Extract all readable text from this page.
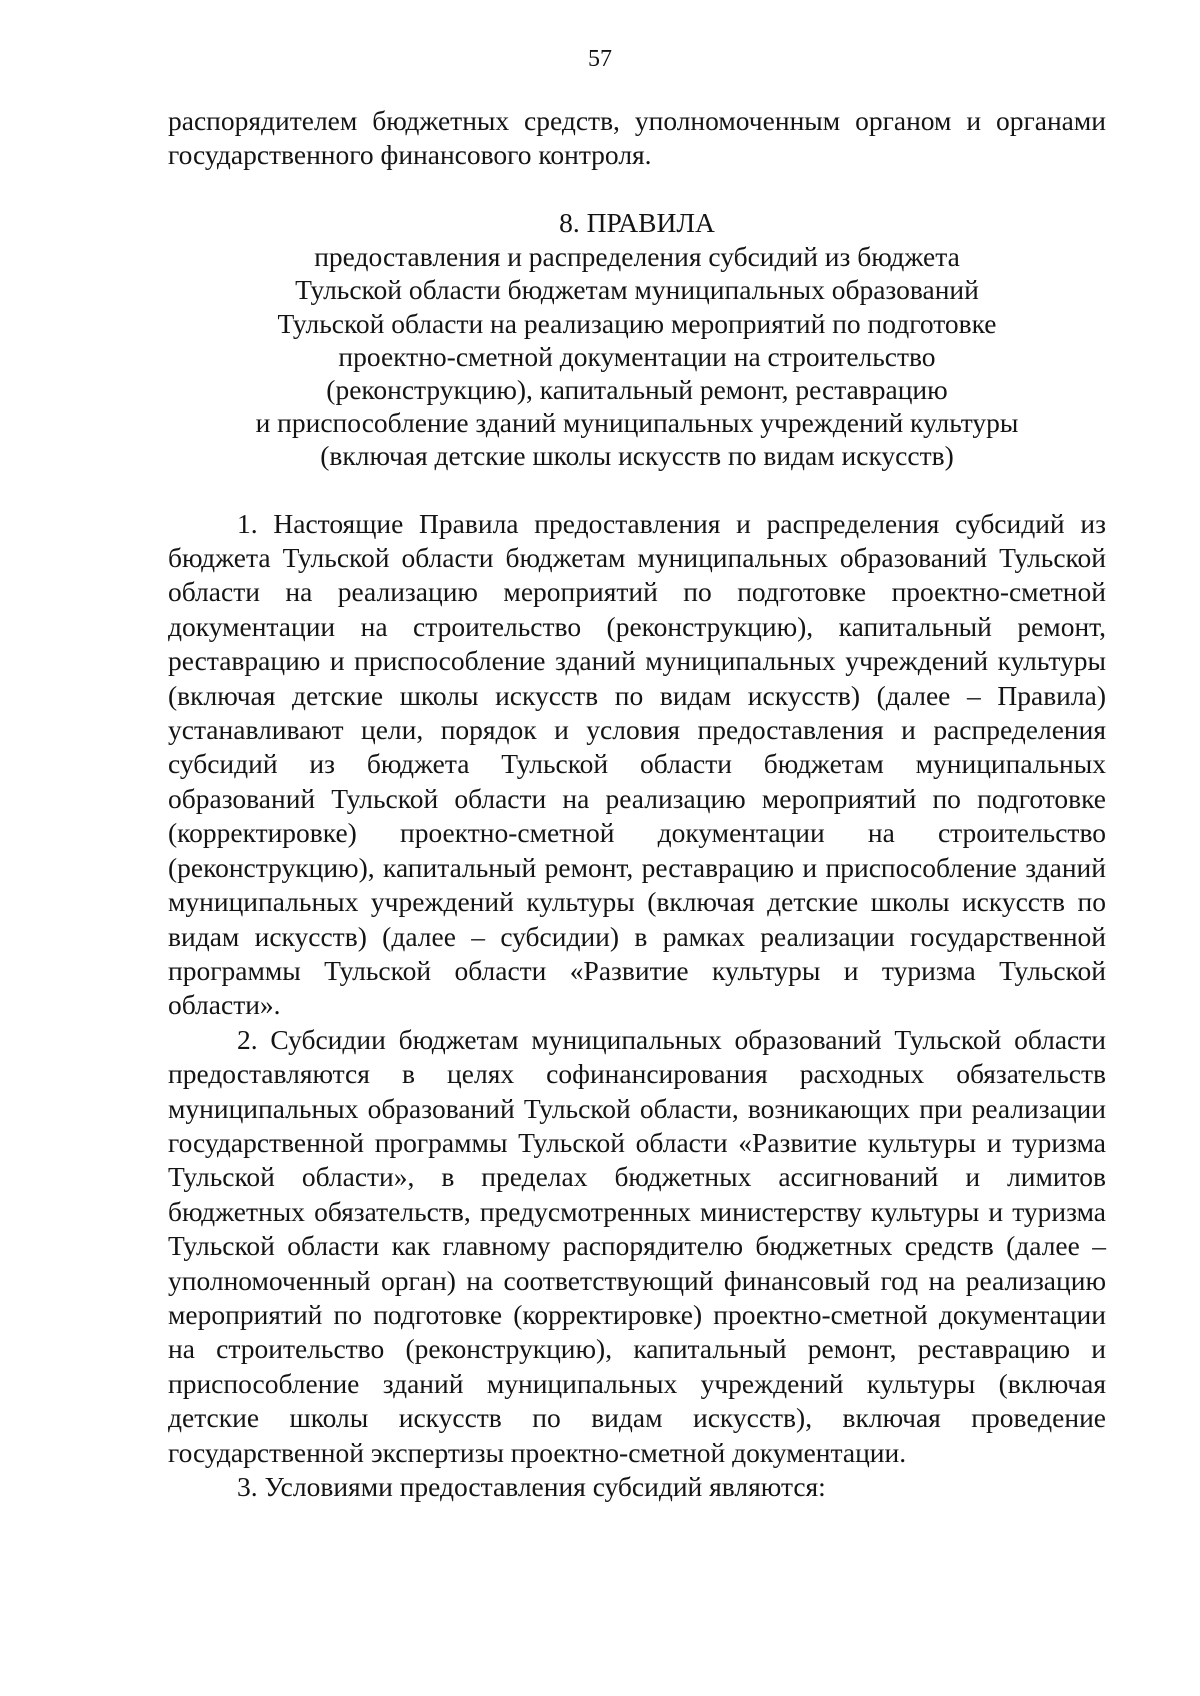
57

распорядителем бюджетных средств, уполномоченным органом и органами государственного финансового контроля.

8. ПРАВИЛА

предоставления и распределения субсидий из бюджета
Тульской области бюджетам муниципальных образований
Тульской области на реализацию мероприятий по подготовке
проектно-сметной документации на строительство
(реконструкцию), капитальный ремонт, реставрацию
и приспособление зданий муниципальных учреждений культуры
(включая детские школы искусств по видам искусств)

1. Настоящие Правила предоставления и распределения субсидий из бюджета Тульской области бюджетам муниципальных образований Тульской области на реализацию мероприятий по подготовке проектно-сметной документации на строительство (реконструкцию), капитальный ремонт, реставрацию и приспособление зданий муниципальных учреждений культуры (включая детские школы искусств по видам искусств) (далее – Правила) устанавливают цели, порядок и условия предоставления и распределения субсидий из бюджета Тульской области бюджетам муниципальных образований Тульской области на реализацию мероприятий по подготовке (корректировке) проектно-сметной документации на строительство (реконструкцию), капитальный ремонт, реставрацию и приспособление зданий муниципальных учреждений культуры (включая детские школы искусств по видам искусств) (далее – субсидии) в рамках реализации государственной программы Тульской области «Развитие культуры и туризма Тульской области».

2. Субсидии бюджетам муниципальных образований Тульской области предоставляются в целях софинансирования расходных обязательств муниципальных образований Тульской области, возникающих при реализации государственной программы Тульской области «Развитие культуры и туризма Тульской области», в пределах бюджетных ассигнований и лимитов бюджетных обязательств, предусмотренных министерству культуры и туризма Тульской области как главному распорядителю бюджетных средств (далее – уполномоченный орган) на соответствующий финансовый год на реализацию мероприятий по подготовке (корректировке) проектно-сметной документации на строительство (реконструкцию), капитальный ремонт, реставрацию и приспособление зданий муниципальных учреждений культуры (включая детские школы искусств по видам искусств), включая проведение государственной экспертизы проектно-сметной документации.

3. Условиями предоставления субсидий являются:
